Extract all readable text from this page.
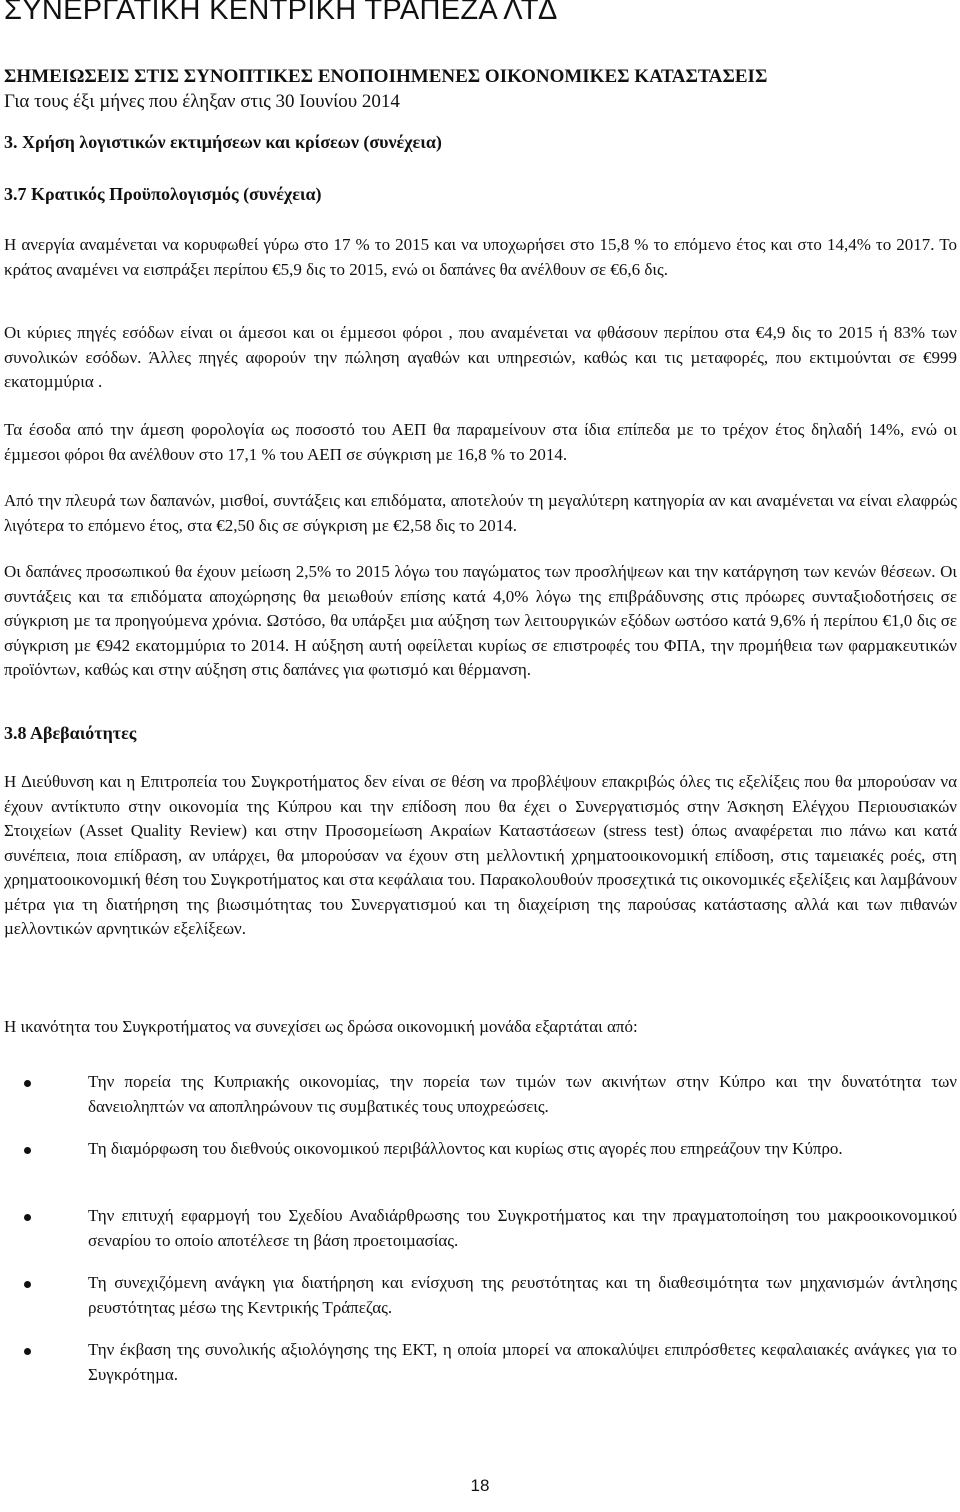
ΣΥΝΕΡΓΑΤΙΚΗ ΚΕΝΤΡΙΚΗ ΤΡΑΠΕΖΑ ΛΤ∆
ΣΗΜΕΙΩΣΕΙΣ ΣΤΙΣ ΣΥΝΟΠΤΙΚΕΣ ΕΝΟΠΟΙΗΜΕΝΕΣ ΟΙΚΟΝΟΜΙΚΕΣ ΚΑΤΑΣΤΑΣΕΙΣ
Για τους έξι µήνες που έληξαν στις 30 Ιουνίου 2014
3. Χρήση λογιστικών εκτιµήσεων και κρίσεων (συνέχεια)
3.7 Κρατικός Προϋπολογισµός (συνέχεια)

Η ανεργία αναµένεται να κορυφωθεί γύρω στο 17 % το 2015 και να υποχωρήσει στο 15,8 % το επόµενο έτος και στο 14,4% το 2017. Το κράτος αναµένει να εισπράξει περίπου €5,9 δις το 2015, ενώ οι δαπάνες θα ανέλθουν σε €6,6 δις.

Οι κύριες πηγές εσόδων είναι οι άµεσοι και οι έµµεσοι φόροι , που αναµένεται να φθάσουν περίπου στα €4,9 δις το 2015 ή 83% των συνολικών εσόδων. Άλλες πηγές αφορούν την πώληση αγαθών και υπηρεσιών, καθώς και τις µεταφορές, που εκτιµούνται σε €999 εκατοµµύρια .

Τα έσοδα από την άµεση φορολογία ως ποσοστό του ΑΕΠ θα παραµείνουν στα ίδια επίπεδα µε το τρέχον έτος δηλαδή 14%, ενώ οι έµµεσοι φόροι θα ανέλθουν στο 17,1 % του ΑΕΠ σε σύγκριση µε 16,8 % το 2014.

Από την πλευρά των δαπανών, µισθοί, συντάξεις και επιδόµατα, αποτελούν τη µεγαλύτερη κατηγορία αν και αναµένεται να είναι ελαφρώς λιγότερα το επόµενο έτος, στα €2,50 δις σε σύγκριση µε €2,58 δις το 2014.

Οι δαπάνες προσωπικού θα έχουν µείωση 2,5% το 2015 λόγω του παγώµατος των προσλήψεων και την κατάργηση των κενών θέσεων. Οι συντάξεις και τα επιδόµατα αποχώρησης θα µειωθούν επίσης κατά 4,0% λόγω της επιβράδυνσης στις πρόωρες συνταξιοδοτήσεις σε σύγκριση µε τα προηγούµενα χρόνια. Ωστόσο, θα υπάρξει µια αύξηση των λειτουργικών εξόδων ωστόσο κατά 9,6% ή περίπου €1,0 δις σε σύγκριση µε €942 εκατοµµύρια το 2014. Η αύξηση αυτή οφείλεται κυρίως σε επιστροφές του ΦΠΑ, την προµήθεια των φαρµακευτικών προϊόντων, καθώς και στην αύξηση στις δαπάνες για φωτισµό και θέρµανση.

3.8 Αβεβαιότητες

Η ∆ιεύθυνση και η Επιτροπεία του Συγκροτήµατος δεν είναι σε θέση να προβλέψουν επακριβώς όλες τις εξελίξεις που θα µπορούσαν να έχουν αντίκτυπο στην οικονοµία της Κύπρου και την επίδοση που θα έχει ο Συνεργατισµός στην Άσκηση Ελέγχου Περιουσιακών Στοιχείων (Asset Quality Review) και στην Προσοµείωση Ακραίων Καταστάσεων (stress test) όπως αναφέρεται πιο πάνω και κατά συνέπεια, ποια επίδραση, αν υπάρχει, θα µπορούσαν να έχουν στη µελλοντική χρηµατοοικονοµική επίδοση, στις ταµειακές ροές, στη χρηµατοοικονοµική θέση του Συγκροτήµατος και στα κεφάλαια του. Παρακολουθούν προσεχτικά τις οικονοµικές εξελίξεις και λαµβάνουν µέτρα για τη διατήρηση της βιωσιµότητας του Συνεργατισµού και τη διαχείριση της παρούσας κατάστασης αλλά και των πιθανών µελλοντικών αρνητικών εξελίξεων.

Η ικανότητα του Συγκροτήµατος να συνεχίσει ως δρώσα οικονοµική µονάδα εξαρτάται από:

Την πορεία της Κυπριακής οικονοµίας, την πορεία των τιµών των ακινήτων στην Κύπρο και την δυνατότητα των δανειοληπτών να αποπληρώνουν τις συµβατικές τους υποχρεώσεις.
Τη διαµόρφωση του διεθνούς οικονοµικού περιβάλλοντος και κυρίως στις αγορές που επηρεάζουν την Κύπρο.
Την επιτυχή εφαρµογή του Σχεδίου Αναδιάρθρωσης του Συγκροτήµατος και την πραγµατοποίηση του µακροοικονοµικού σεναρίου το οποίο αποτέλεσε τη βάση προετοιµασίας.
Τη συνεχιζόµενη ανάγκη για διατήρηση και ενίσχυση της ρευστότητας και τη διαθεσιµότητα των µηχανισµών άντλησης ρευστότητας µέσω της Κεντρικής Τράπεζας.
Την έκβαση της συνολικής αξιολόγησης της ΕΚΤ, η οποία µπορεί να αποκαλύψει επιπρόσθετες κεφαλαιακές ανάγκες για το Συγκρότηµα.
18
